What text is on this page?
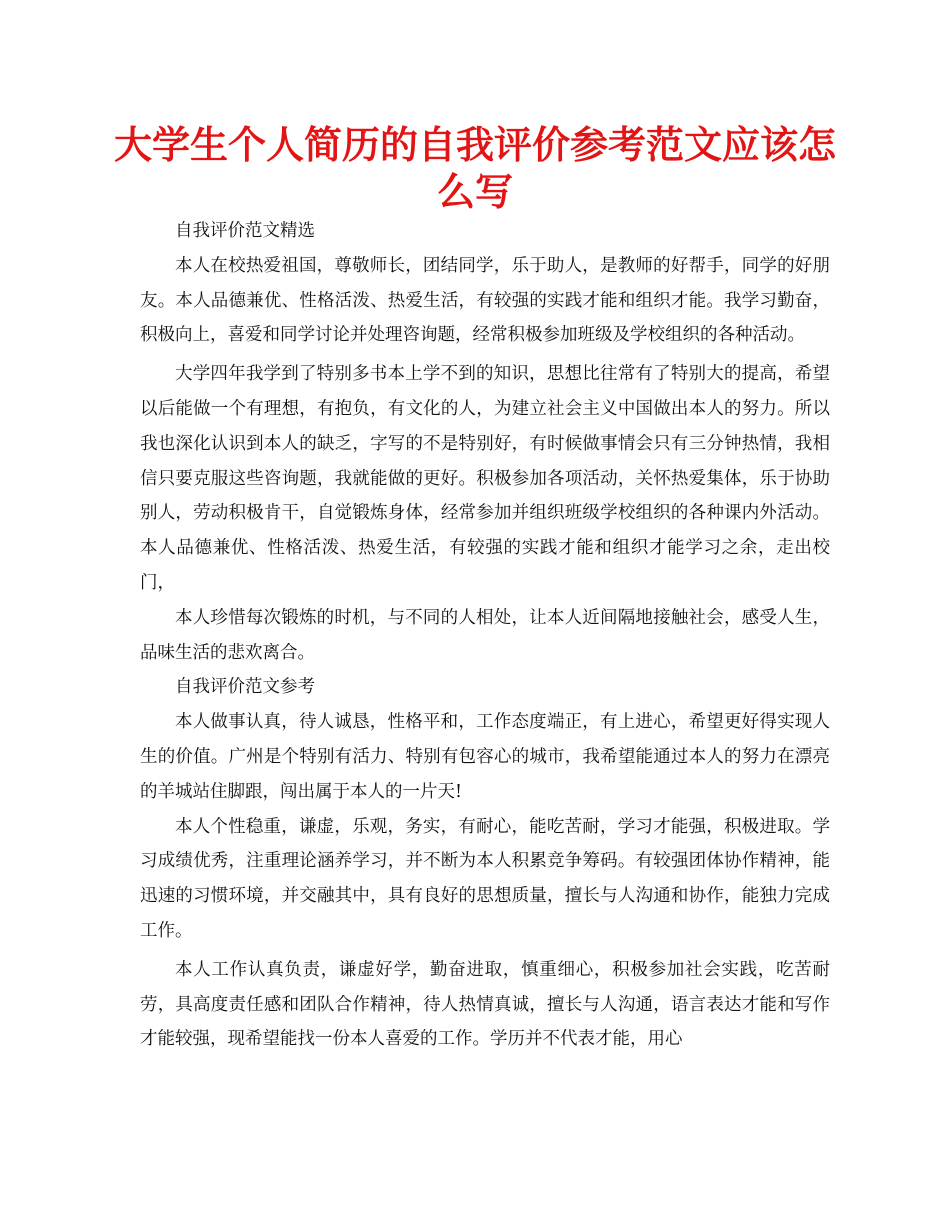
大学生个人简历的自我评价参考范文应该怎么写

自我评价范文精选

本人在校热爱祖国，尊敬师长，团结同学，乐于助人，是教师的好帮手，同学的好朋友。本人品德兼优、性格活泼、热爱生活，有较强的实践才能和组织才能。我学习勤奋，积极向上，喜爱和同学讨论并处理咨询题，经常积极参加班级及学校组织的各种活动。

大学四年我学到了特别多书本上学不到的知识，思想比往常有了特别大的提高，希望以后能做一个有理想，有抱负，有文化的人，为建立社会主义中国做出本人的努力。所以我也深化认识到本人的缺乏，字写的不是特别好，有时候做事情会只有三分钟热情，我相信只要克服这些咨询题，我就能做的更好。积极参加各项活动，关怀热爱集体，乐于协助别人，劳动积极肯干，自觉锻炼身体，经常参加并组织班级学校组织的各种课内外活动。本人品德兼优、性格活泼、热爱生活，有较强的实践才能和组织才能学习之余，走出校门，

本人珍惜每次锻炼的时机，与不同的人相处，让本人近间隔地接触社会，感受人生，品味生活的悲欢离合。

自我评价范文参考

本人做事认真，待人诚恳，性格平和，工作态度端正，有上进心，希望更好得实现人生的价值。广州是个特别有活力、特别有包容心的城市，我希望能通过本人的努力在漂亮的羊城站住脚跟，闯出属于本人的一片天!

本人个性稳重，谦虚，乐观，务实，有耐心，能吃苦耐，学习才能强，积极进取。学习成绩优秀，注重理论涵养学习，并不断为本人积累竞争筹码。有较强团体协作精神，能迅速的习惯环境，并交融其中，具有良好的思想质量，擅长与人沟通和协作，能独力完成工作。

本人工作认真负责，谦虚好学，勤奋进取，慎重细心，积极参加社会实践，吃苦耐劳，具高度责任感和团队合作精神，待人热情真诚，擅长与人沟通，语言表达才能和写作才能较强，现希望能找一份本人喜爱的工作。学历并不代表才能，用心
